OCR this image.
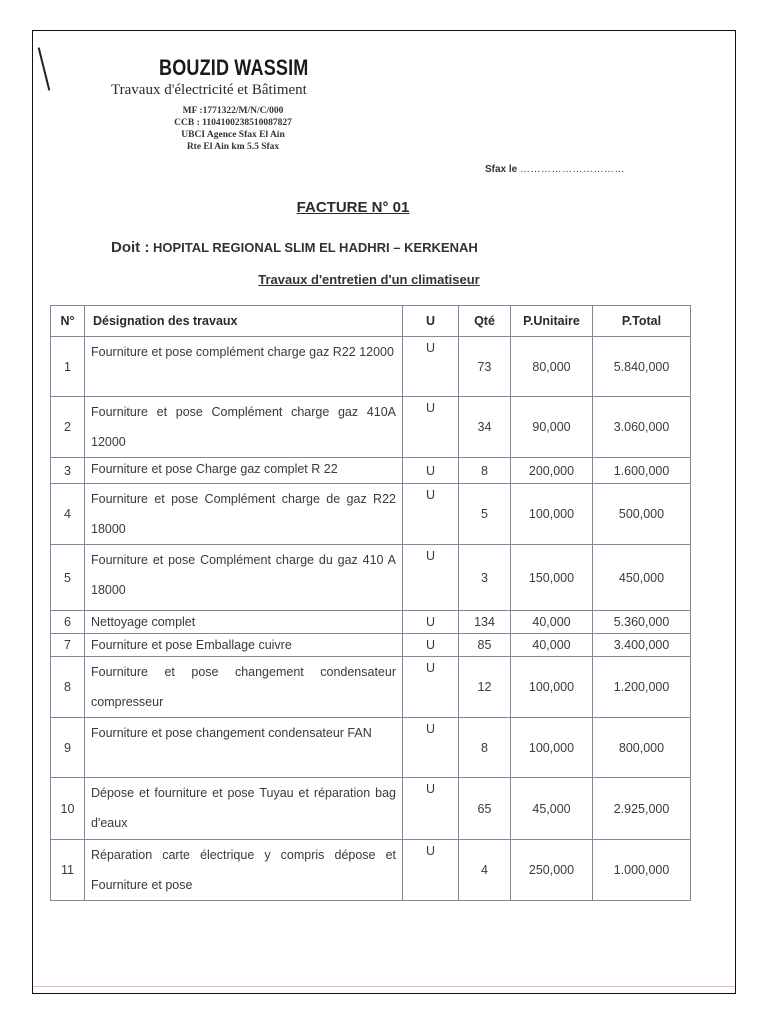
BOUZID WASSIM
Travaux d'électricité et Bâtiment
MF :1771322/M/N/C/000
CCB : 1104100238510087827
UBCI Agence Sfax El Ain
Rte El Ain km 5.5 Sfax
Sfax le …………………………
FACTURE N° 01
Doit : HOPITAL REGIONAL SLIM EL HADHRI – KERKENAH
Travaux d'entretien d'un climatiseur
N°	Désignation des travaux	U	Qté	P.Unitaire	P.Total
1	Fourniture et pose complément charge gaz R22 12000	U	73	80,000	5.840,000
2	Fourniture et pose Complément charge gaz 410A 12000	U	34	90,000	3.060,000
3	Fourniture et pose Charge gaz complet R 22	U	8	200,000	1.600,000
4	Fourniture et pose Complément charge de gaz R22 18000	U	5	100,000	500,000
5	Fourniture et pose Complément charge du gaz 410 A 18000	U	3	150,000	450,000
6	Nettoyage complet	U	134	40,000	5.360,000
7	Fourniture et pose Emballage cuivre	U	85	40,000	3.400,000
8	Fourniture et pose changement condensateur compresseur	U	12	100,000	1.200,000
9	Fourniture et pose changement condensateur FAN	U	8	100,000	800,000
10	Dépose et fourniture et pose Tuyau et réparation bag d'eaux	U	65	45,000	2.925,000
11	Réparation carte électrique y compris dépose et Fourniture et pose	U	4	250,000	1.000,000
